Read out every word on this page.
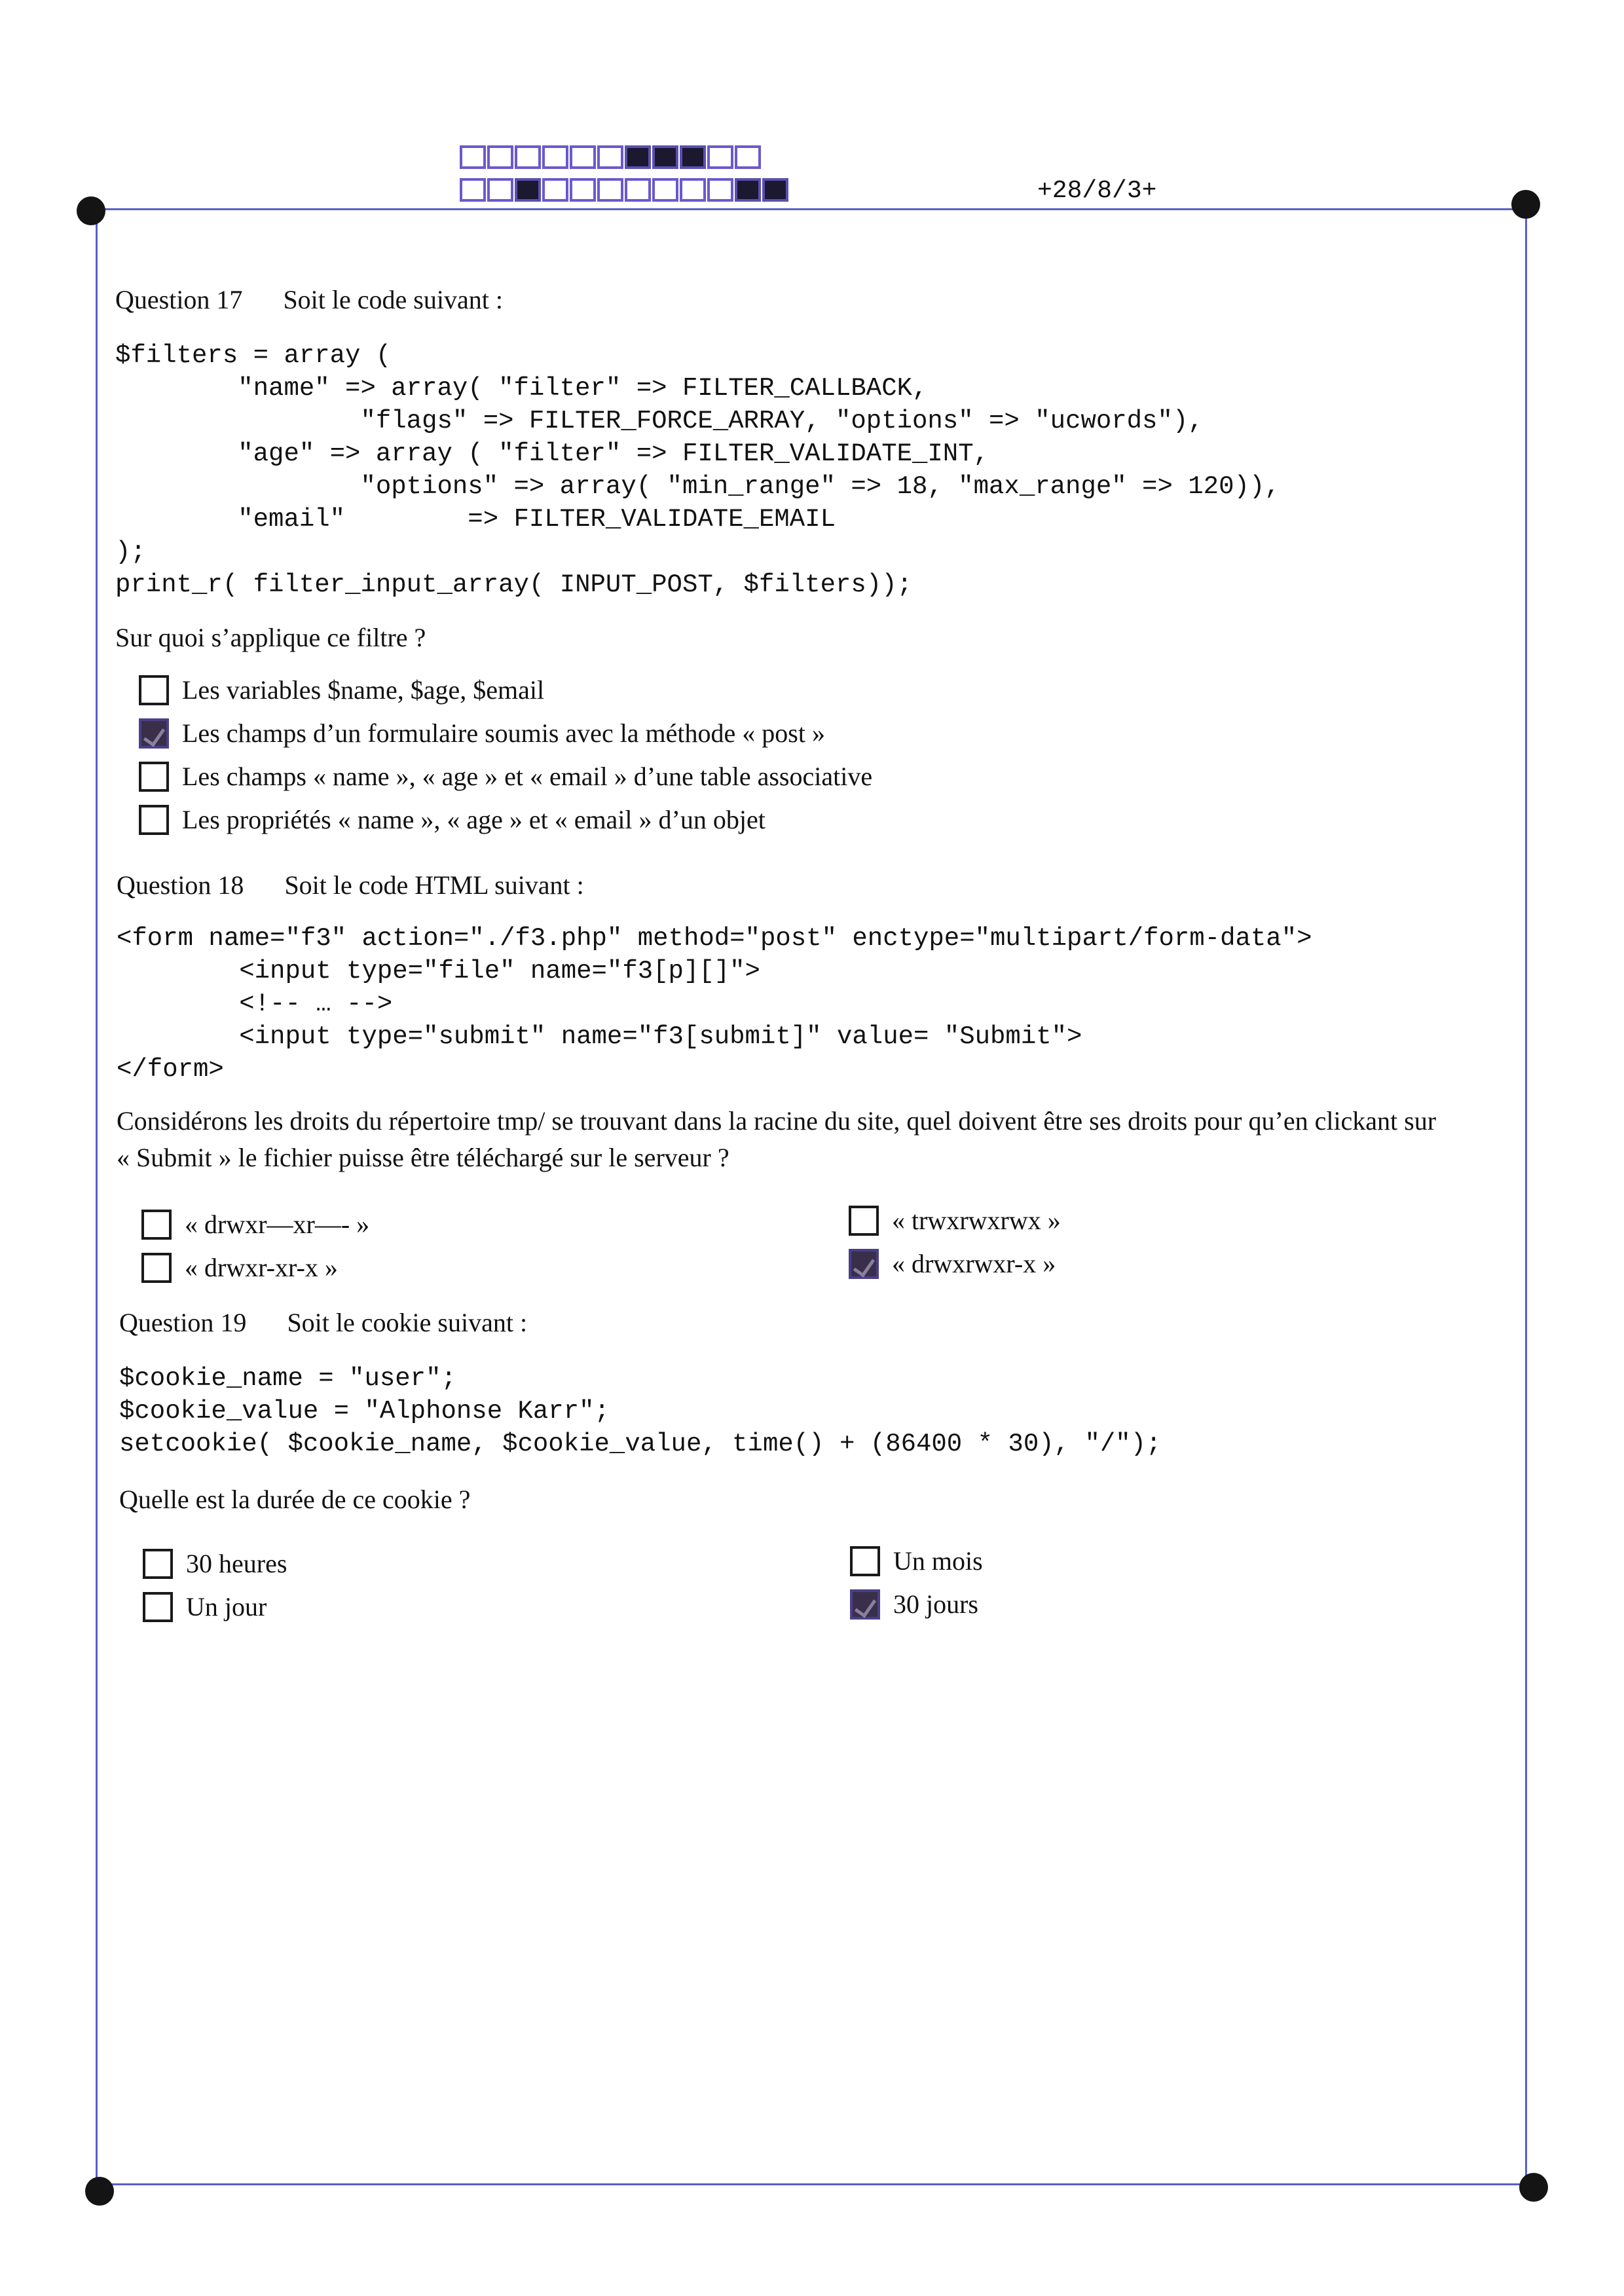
+28/8/3+
Question 17 Soit le code suivant :
$filters = array (
"name" => array( "filter" => FILTER_CALLBACK,
"flags" => FILTER_FORCE_ARRAY, "options" => "ucwords"),
"age" => array ( "filter" => FILTER_VALIDATE_INT,
"options" => array( "min_range" => 18, "max_range" => 120)),
"email"        => FILTER_VALIDATE_EMAIL
);
print_r( filter_input_array( INPUT_POST, $filters));
Sur quoi s’applique ce filtre ?
Les variables $name, $age, $email
Les champs d’un formulaire soumis avec la méthode « post »
Les champs « name », « age » et « email » d’une table associative
Les propriétés « name », « age » et « email » d’un objet
Question 18 Soit le code HTML suivant :
<form name="f3" action="./f3.php" method="post" enctype="multipart/form-data">
<input type="file" name="f3[p][]">
<!-- … -->
<input type="submit" name="f3[submit]" value= "Submit">
</form>
Considérons les droits du répertoire tmp/ se trouvant dans la racine du site, quel doivent être ses droits pour qu’en clickant sur
« Submit » le fichier puisse être téléchargé sur le serveur ?
« drwxr—xr—- »
« drwxr-xr-x »
« trwxrwxrwx »
« drwxrwxr-x »
Question 19 Soit le cookie suivant :
$cookie_name = "user";
$cookie_value = "Alphonse Karr";
setcookie( $cookie_name, $cookie_value, time() + (86400 * 30), "/");
Quelle est la durée de ce cookie ?
30 heures
Un jour
Un mois
30 jours
